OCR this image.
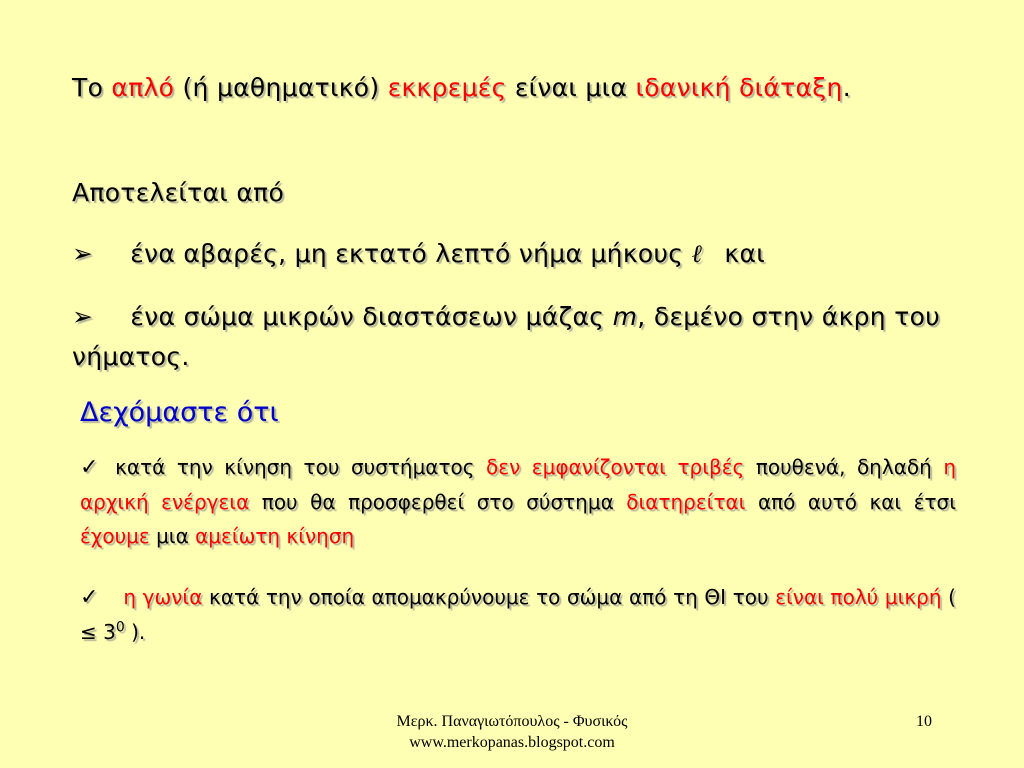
Το απλό (ή μαθηματικό) εκκρεμές είναι μια ιδανική διάταξη.
Αποτελείται από
➢ ένα αβαρές, μη εκτατό λεπτό νήμα μήκους ℓ και
➢ ένα σώμα μικρών διαστάσεων μάζας m, δεμένο στην άκρη του νήματος.
Δεχόμαστε ότι
✓ κατά την κίνηση του συστήματος δεν εμφανίζονται τριβές πουθενά, δηλαδή η αρχική ενέργεια που θα προσφερθεί στο σύστημα διατηρείται από αυτό και έτσι έχουμε μια αμείωτη κίνηση
✓ η γωνία κατά την οποία απομακρύνουμε το σώμα από τη ΘΙ του είναι πολύ μικρή ( ≤ $3^0$ ).
Μερκ. Παναγιωτόπουλος - Φυσικός
www.merkopanas.blogspot.com
10
